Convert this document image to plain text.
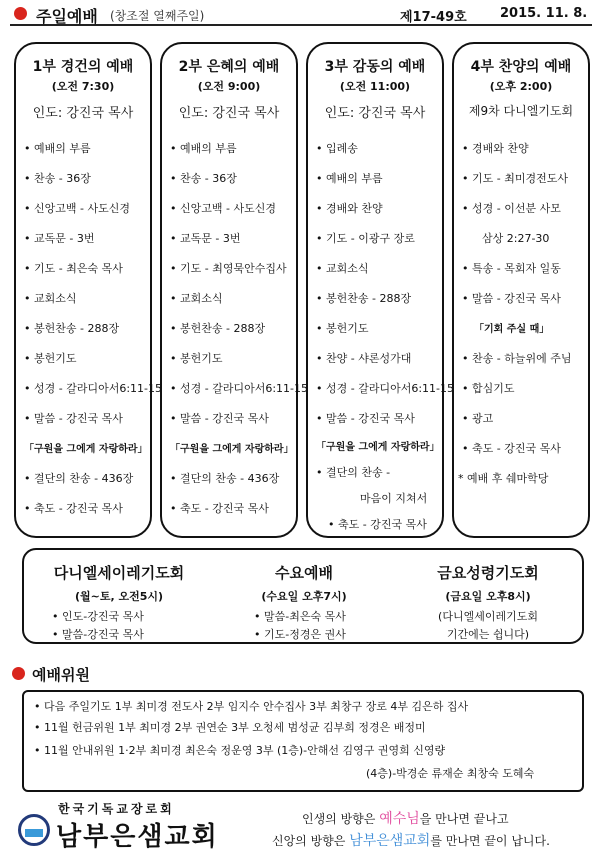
주일예배 (창조절 열째주일)	제17-49호	2015. 11. 8.
1부 경건의 예배
(오전 7:30)
인도: 강진국 목사
• 예배의 부름
• 찬송 - 36장
• 신앙고백 - 사도신경
• 교독문 - 3번
• 기도 - 최은숙 목사
• 교회소식
• 봉헌찬송 - 288장
• 봉헌기도
• 성경 - 갈라디아서6:11-15
• 말씀 - 강진국 목사
「구원을 그에게 자랑하라」
• 결단의 찬송 - 436장
• 축도 - 강진국 목사
2부 은혜의 예배
(오전 9:00)
인도: 강진국 목사
• 예배의 부름
• 찬송 - 36장
• 신앙고백 - 사도신경
• 교독문 - 3번
• 기도 - 최영묵안수집사
• 교회소식
• 봉헌찬송 - 288장
• 봉헌기도
• 성경 - 갈라디아서6:11-15
• 말씀 - 강진국 목사
「구원을 그에게 자랑하라」
• 결단의 찬송 - 436장
• 축도 - 강진국 목사
3부 감동의 예배
(오전 11:00)
인도: 강진국 목사
• 입례송
• 예배의 부름
• 경배와 찬양
• 기도 - 이광구 장로
• 교회소식
• 봉헌찬송 - 288장
• 봉헌기도
• 찬양 - 샤론성가대
• 성경 - 갈라디아서6:11-15
• 말씀 - 강진국 목사
「구원을 그에게 자랑하라」
• 결단의 찬송 -
마음이 지쳐서
• 축도 - 강진국 목사
4부 찬양의 예배
(오후 2:00)
제9차 다니엘기도회
• 경배와 찬양
• 기도 - 최미경전도사
• 성경 - 이선분 사모
삼상 2:27-30
• 특송 - 목회자 일동
• 말씀 - 강진국 목사
「기회 주실 때」
• 찬송 - 하늘위에 주님
• 합심기도
• 광고
• 축도 - 강진국 목사
* 예배 후 쉐마학당
다니엘세이레기도회
(월~토, 오전5시)
• 인도-강진국 목사
• 말씀-강진국 목사
수요예배
(수요일 오후7시)
• 말씀-최은숙 목사
• 기도-정경은 권사
금요성령기도회
(금요일 오후8시)
(다니엘세이레기도회
기간에는 쉽니다)
예배위원
• 다음 주일기도 1부 최미경 전도사 2부 임지수 안수집사 3부 최창구 장로 4부 김은하 집사
• 11월 헌금위원 1부 최미경 2부 권연순 3부 오청세 범성균 김부희 정경은 배정미
• 11월 안내위원 1·2부 최미경 최은숙 정운영 3부 (1층)-안해선 김영구 권영희 신영량
(4층)-박경순 류재순 최창숙 도혜숙
한국기독교장로회
남부은샘교회
인생의 방향은 예수님을 만나면 끝나고
신앙의 방향은 남부은샘교회를 만나면 끝이 납니다.
